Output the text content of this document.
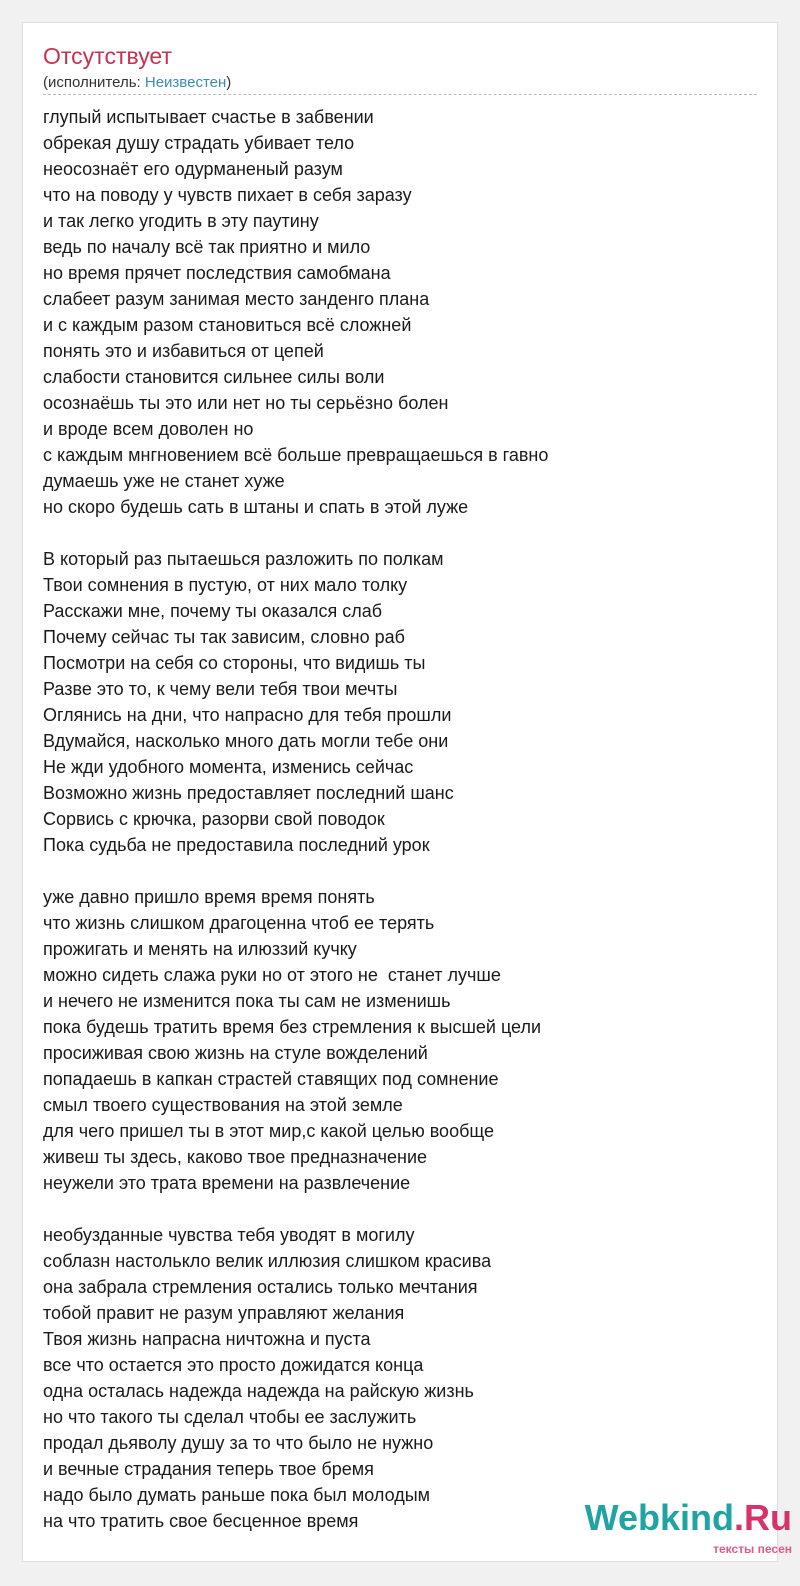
Отсутствует
(исполнитель: Неизвестен)
глупый испытывает счастье в забвении
обрекая душу страдать убивает тело
неосознаёт его одурманеный разум
что на поводу у чувств пихает в себя заразу
и так легко угодить в эту паутину
ведь по началу всё так приятно и мило
но время прячет последствия самобмана
слабеет разум занимая место занденго плана
и с каждым разом становиться всё сложней
понять это и избавиться от цепей
слабости становится сильнее силы воли
осознаёшь ты это или нет но ты серьёзно болен
и вроде всем доволен но
с каждым мнгновением всё больше превращаешься в гавно
думаешь уже не станет хуже
но скоро будешь сать в штаны и спать в этой луже
В который раз пытаешься разложить по полкам
Твои сомнения в пустую, от них мало толку
Расскажи мне, почему ты оказался слаб
Почему сейчас ты так зависим, словно раб
Посмотри на себя со стороны, что видишь ты
Разве это то, к чему вели тебя твои мечты
Оглянись на дни, что напрасно для тебя прошли
Вдумайся, насколько много дать могли тебе они
Не жди удобного момента, изменись сейчас
Возможно жизнь предоставляет последний шанс
Сорвись с крючка, разорви свой поводок
Пока судьба не предоставила последний урок
уже давно пришло время время понять
что жизнь слишком драгоценна чтоб ее терять
прожигать и менять на илюззий кучку
можно сидеть слажа руки но от этого не  станет лучше
и нечего не изменится пока ты сам не изменишь
пока будешь тратить время без стремления к высшей цели
просиживая свою жизнь на стуле вожделений
попадаешь в капкан страстей ставящих под сомнение
смыл твоего существования на этой земле
для чего пришел ты в этот мир,с какой целью вообще
живеш ты здесь, каково твое предназначение
неужели это трата времени на развлечение
необузданные чувства тебя уводят в могилу
соблазн настолькло велик иллюзия слишком красива
она забрала стремления остались только мечтания
тобой правит не разум управляют желания
Твоя жизнь напрасна ничтожна и пуста
все что остается это просто дожидатся конца
одна осталась надежда надежда на райскую жизнь
но что такого ты сделал чтобы ее заслужить
продал дьяволу душу за то что было не нужно
и вечные страдания теперь твое бремя
надо было думать раньше пока был молодым
на что тратить свое бесценное время	Webkind.Ru
тексты песен
